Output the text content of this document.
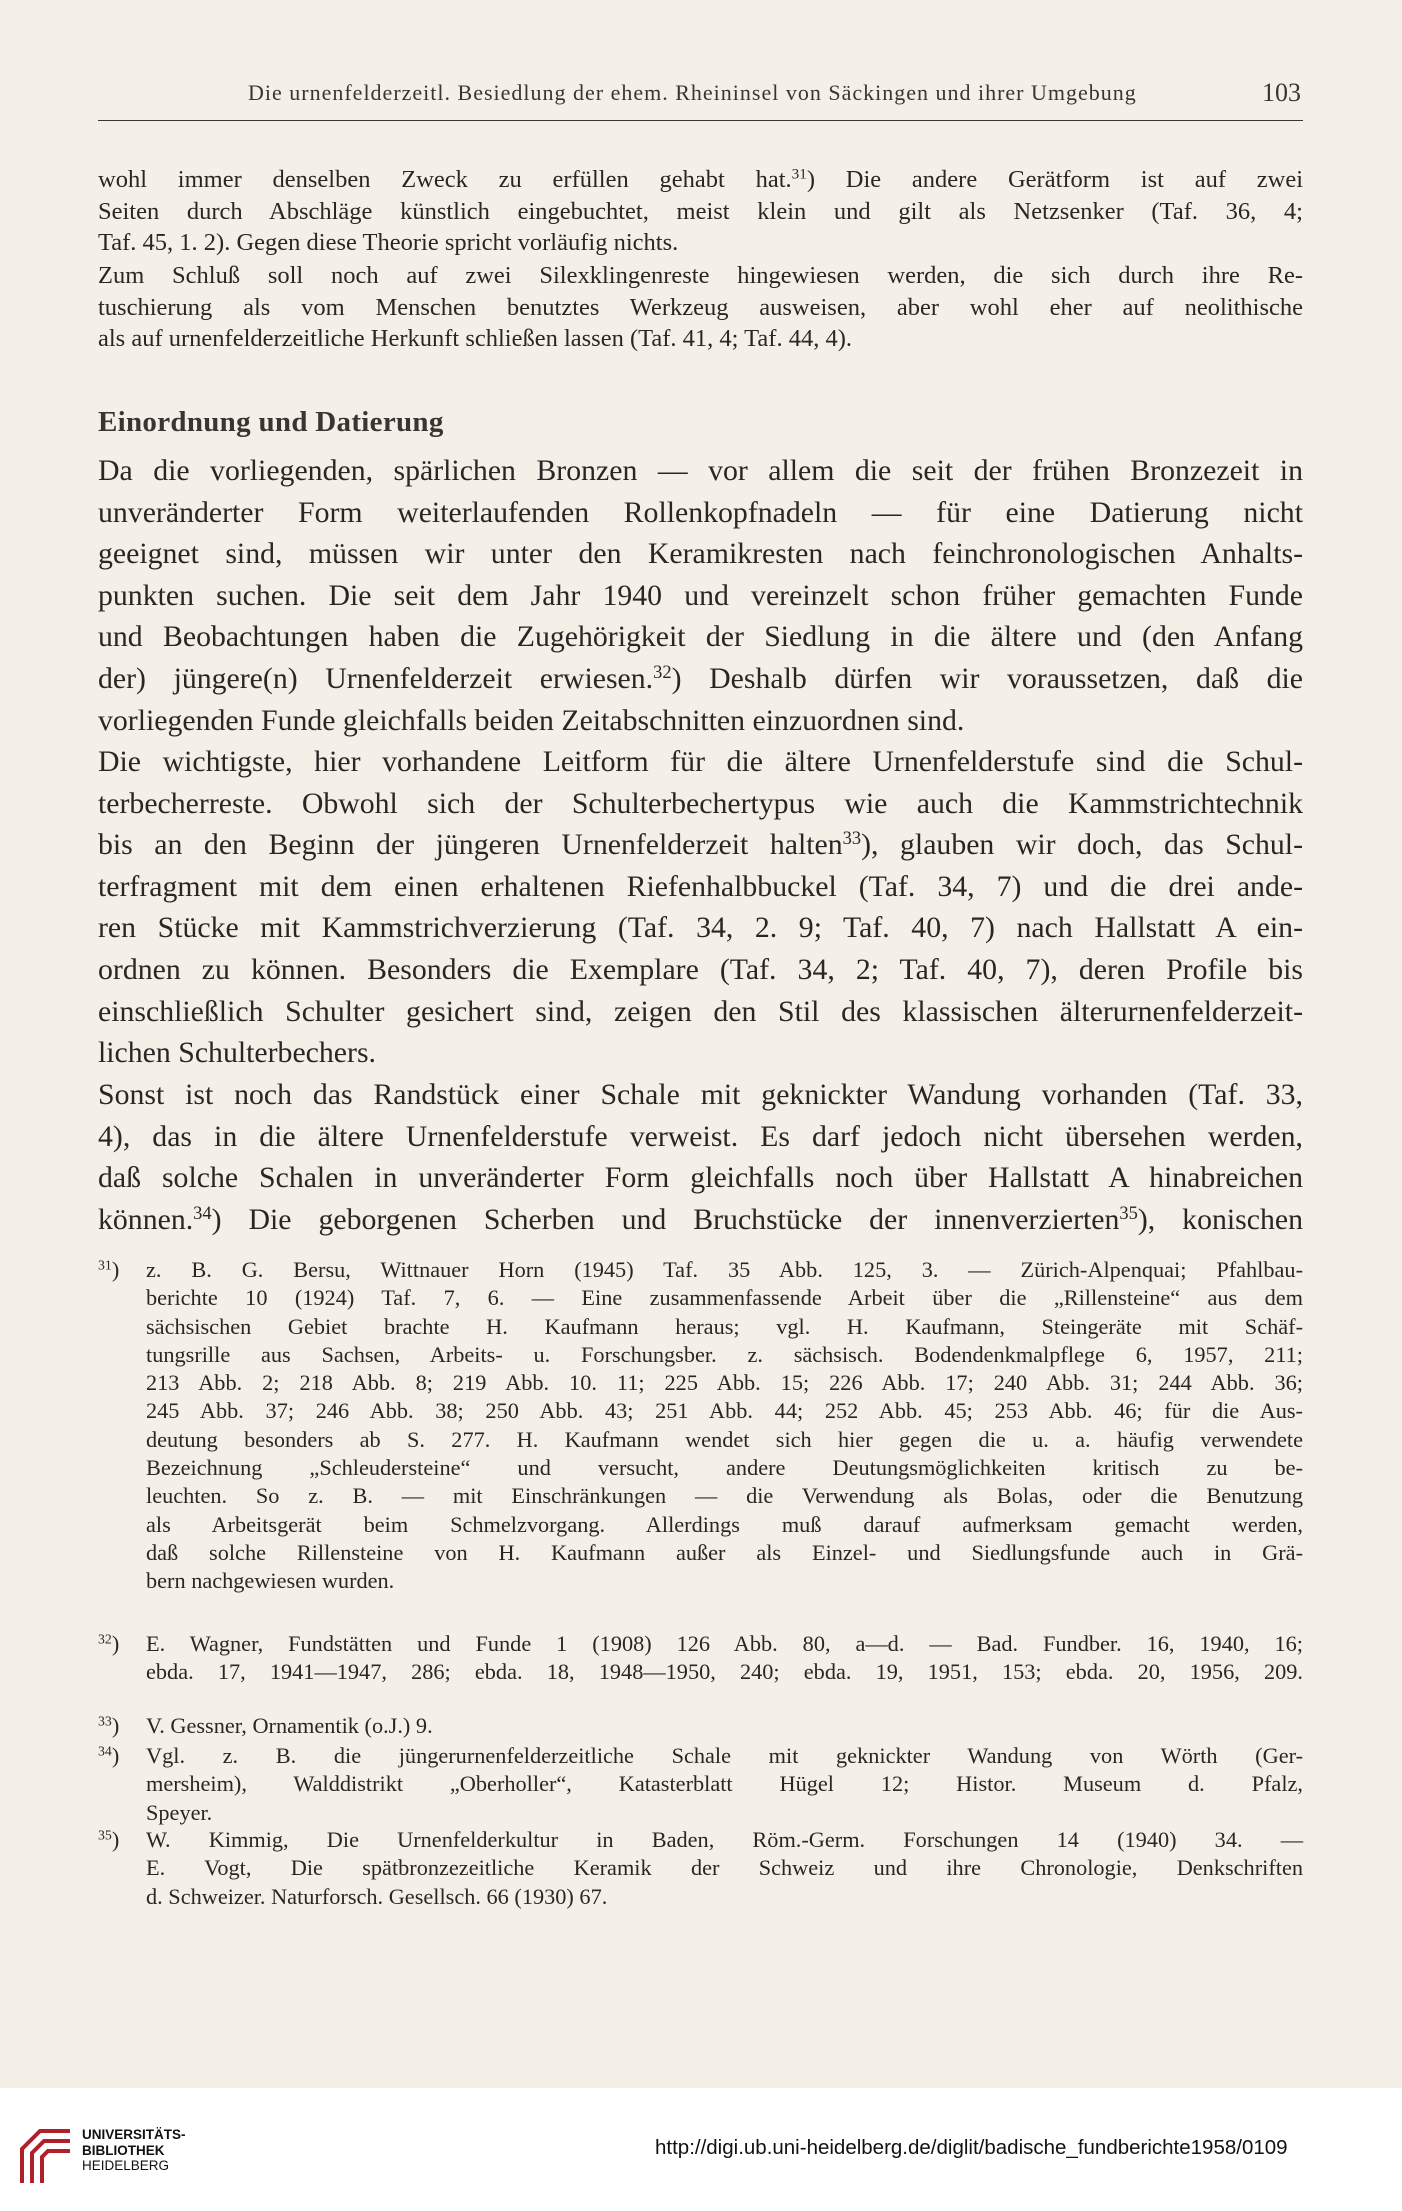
Die urnenfelderzeitl. Besiedlung der ehem. Rheininsel von Säckingen und ihrer Umgebung	103
wohl immer denselben Zweck zu erfüllen gehabt hat.$^{31}$) Die andere Gerätform ist auf zwei
Seiten durch Abschläge künstlich eingebuchtet, meist klein und gilt als Netzsenker (Taf. 36, 4;
Taf. 45, 1. 2). Gegen diese Theorie spricht vorläufig nichts.
Zum Schluß soll noch auf zwei Silexklingenreste hingewiesen werden, die sich durch ihre Re-
tuschierung als vom Menschen benutztes Werkzeug ausweisen, aber wohl eher auf neolithische
als auf urnenfelderzeitliche Herkunft schließen lassen (Taf. 41, 4; Taf. 44, 4).
Einordnung und Datierung
Da die vorliegenden, spärlichen Bronzen — vor allem die seit der frühen Bronzezeit in
unveränderter Form weiterlaufenden Rollenkopfnadeln — für eine Datierung nicht
geeignet sind, müssen wir unter den Keramikresten nach feinchronologischen Anhalts-
punkten suchen. Die seit dem Jahr 1940 und vereinzelt schon früher gemachten Funde
und Beobachtungen haben die Zugehörigkeit der Siedlung in die ältere und (den Anfang
der) jüngere(n) Urnenfelderzeit erwiesen.$^{32}$) Deshalb dürfen wir voraussetzen, daß die
vorliegenden Funde gleichfalls beiden Zeitabschnitten einzuordnen sind.
Die wichtigste, hier vorhandene Leitform für die ältere Urnenfelderstufe sind die Schul-
terbecherreste. Obwohl sich der Schulterbechertypus wie auch die Kammstrichtechnik
bis an den Beginn der jüngeren Urnenfelderzeit halten$^{33}$), glauben wir doch, das Schul-
terfragment mit dem einen erhaltenen Riefenhalbbuckel (Taf. 34, 7) und die drei ande-
ren Stücke mit Kammstrichverzierung (Taf. 34, 2. 9; Taf. 40, 7) nach Hallstatt A ein-
ordnen zu können. Besonders die Exemplare (Taf. 34, 2; Taf. 40, 7), deren Profile bis
einschließlich Schulter gesichert sind, zeigen den Stil des klassischen älterurnenfelderzeit-
lichen Schulterbechers.
Sonst ist noch das Randstück einer Schale mit geknickter Wandung vorhanden (Taf. 33,
4), das in die ältere Urnenfelderstufe verweist. Es darf jedoch nicht übersehen werden,
daß solche Schalen in unveränderter Form gleichfalls noch über Hallstatt A hinabreichen
können.$^{34}$) Die geborgenen Scherben und Bruchstücke der innenverzierten$^{35}$), konischen
$^{31}$)	z. B. G. Bersu, Wittnauer Horn (1945) Taf. 35 Abb. 125, 3. — Zürich-Alpenquai; Pfahlbau-
berichte 10 (1924) Taf. 7, 6. — Eine zusammenfassende Arbeit über die „Rillensteine“ aus dem
sächsischen Gebiet brachte H. Kaufmann heraus; vgl. H. Kaufmann, Steingeräte mit Schäf-
tungsrille aus Sachsen, Arbeits- u. Forschungsber. z. sächsisch. Bodendenkmalpflege 6, 1957, 211;
213 Abb. 2; 218 Abb. 8; 219 Abb. 10. 11; 225 Abb. 15; 226 Abb. 17; 240 Abb. 31; 244 Abb. 36;
245 Abb. 37; 246 Abb. 38; 250 Abb. 43; 251 Abb. 44; 252 Abb. 45; 253 Abb. 46; für die Aus-
deutung besonders ab S. 277. H. Kaufmann wendet sich hier gegen die u. a. häufig verwendete
Bezeichnung „Schleudersteine“ und versucht, andere Deutungsmöglichkeiten kritisch zu be-
leuchten. So z. B. — mit Einschränkungen — die Verwendung als Bolas, oder die Benutzung
als Arbeitsgerät beim Schmelzvorgang. Allerdings muß darauf aufmerksam gemacht werden,
daß solche Rillensteine von H. Kaufmann außer als Einzel- und Siedlungsfunde auch in Grä-
bern nachgewiesen wurden.
$^{32}$)	E. Wagner, Fundstätten und Funde 1 (1908) 126 Abb. 80, a—d. — Bad. Fundber. 16, 1940, 16;
ebda. 17, 1941—1947, 286; ebda. 18, 1948—1950, 240; ebda. 19, 1951, 153; ebda. 20, 1956, 209.
$^{33}$)	V. Gessner, Ornamentik (o.J.) 9.
$^{34}$)	Vgl. z. B. die jüngerurnenfelderzeitliche Schale mit geknickter Wandung von Wörth (Ger-
mersheim), Walddistrikt „Oberholler“, Katasterblatt Hügel 12; Histor. Museum d. Pfalz,
Speyer.
$^{35}$)	W. Kimmig, Die Urnenfelderkultur in Baden, Röm.-Germ. Forschungen 14 (1940) 34. —
E. Vogt, Die spätbronzezeitliche Keramik der Schweiz und ihre Chronologie, Denkschriften
d. Schweizer. Naturforsch. Gesellsch. 66 (1930) 67.
UNIVERSITÄTS-
BIBLIOTHEK
HEIDELBERG
http://digi.ub.uni-heidelberg.de/diglit/badische_fundberichte1958/0109
